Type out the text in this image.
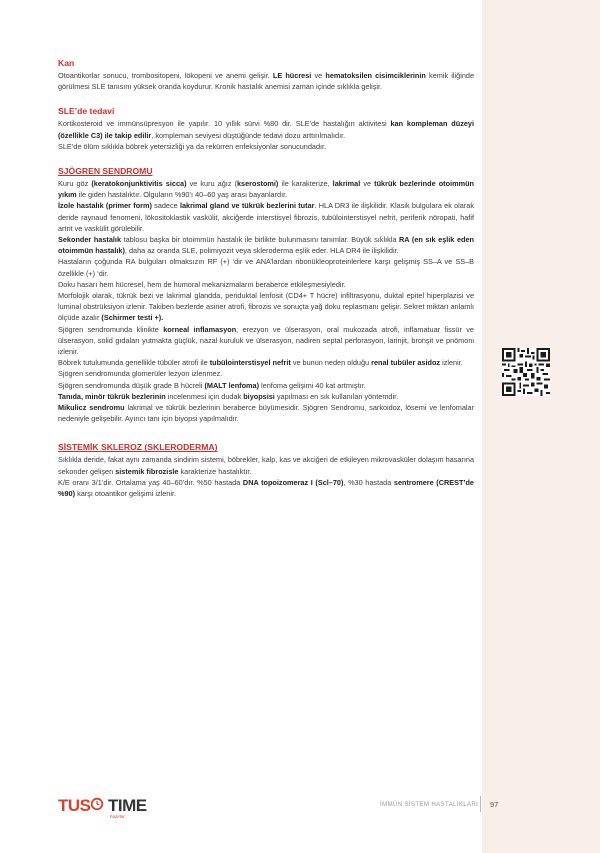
Kan

Otoantikorlar sonucu, trombositopeni, lökopeni ve anemi gelişir. LE hücresi ve hematoksilen cisimciklerinin kemik iliğinde görülmesi SLE tanısını yüksek oranda koydurur. Kronik hastalık anemisi zaman içinde sıklıkla gelişir.

SLE’de tedavi

Kortikosteroid ve immünsüpresyon ile yapılır. 10 yıllık sürvi %80 dir. SLE’de hastalığın aktivitesi kan kompleman düzeyi (özellikle C3) ile takip edilir, kompleman seviyesi düştüğünde tedavi dozu arttırılmalıdır.

SLE’de ölüm sıklıkla böbrek yetersizliği ya da rekürren enfeksiyonlar sonucundadır.

SJÖGREN SENDROMU

Kuru göz (keratokonjunktivitis sicca) ve kuru ağız (kserostomi) ile karakterize, lakrimal ve tükrük bezlerinde otoimmün yıkım ile giden hastalıktır. Olguların %90’ı 40–60 yaş arası bayanlardır.

İzole hastalık (primer form) sadece lakrimal gland ve tükrük bezlerini tutar. HLA DR3 ile ilişkilidir. Klasik bulgulara ek olarak deride raynaud fenomeni, lökositoklastik vaskülit, akciğerde interstisyel fibrozis, tubülointerstisyel nefrit, periferik nöropati, hafif artrit ve vaskülit görülebilir.

Sekonder hastalık tablosu başka bir otoimmün hastalık ile birlikte bulunmasını tanımlar. Büyük sıklıkla RA (en sık eşlik eden otoimmün hastalık), daha az oranda SLE, polimiyozit veya skleroderma eşlik eder. HLA DR4 ile ilişkilidir.

Hastaların çoğunda RA bulguları olmaksızın RF (+) ‘dir ve ANA’lardan ribonükleoproteinlerlere karşı gelişmiş SS–A ve SS–B özellikle (+) ‘dir.

Doku hasarı hem hücresel, hem de humoral mekanizmaların beraberce etkileşmesiyledir.

Morfolojik olarak, tükrük bezi ve lakrimal glandda, periduktal lenfosit (CD4+ T hücre) infiltrasyonu, duktal epitel hiperplazisi ve luminal obstrüksiyon izlenir. Takiben bezlerde asiner atrofi, fibrozis ve sonuçta yağ doku replasmanı gelişir. Sekret miktarı anlamlı ölçüde azalır (Schirmer testi +).

Sjögren sendromunda klinikte korneal inflamasyon, erezyon ve ülserasyon, oral mukozada atrofi, inflamatuar fissür ve ülserasyon, solid gıdaları yutmakta güçlük, nazal kuruluk ve ülserasyon, nadiren septal perforasyon, larinjit, bronşit ve pnömoni izlenir.

Böbrek tutulumunda genellikle tübüler atrofi ile tubülointerstisyel nefrit ve bunun neden olduğu renal tubüler asidoz izlenir.

Sjögren sendromunda glomerüler lezyon izlenmez.

Sjögren sendromunda düşük grade B hücreli (MALT lenfoma) lenfoma gelişimi 40 kat artmıştır.

Tanıda, minör tükrük bezlerinin incelenmesi için dudak biyopsisi yapılması en sık kullanılan yöntemdir.

Mikulicz sendromu lakrimal ve tükrük bezlerinin beraberce büyümesidir. Sjögren Sendromu, sarkoidoz, lösemi ve lenfomalar nedeniyle gelişebilir. Ayırıcı tanı için biyopsi yapılmalıdır.

SİSTEMİK SKLEROZ (SKLERODERMA)

Sıklıkla deride, fakat aynı zamanda sindirim sistemi, böbrekler, kalp, kas ve akciğeri de etkileyen mikrovasküler dolaşım hasarına sekonder gelişen sistemik fibrozisle karakterize hastalıktır.

K/E oranı 3/1’dir. Ortalama yaş 40–60’dır. %50 hastada DNA topoizomeraz I (Scl–70), %30 hastada sentromere (CREST’de %90) karşı otoantikor gelişimi izlenir.

TUS TIME
hazırlık
İMMÜN SİSTEM HASTALIKLARI 97
